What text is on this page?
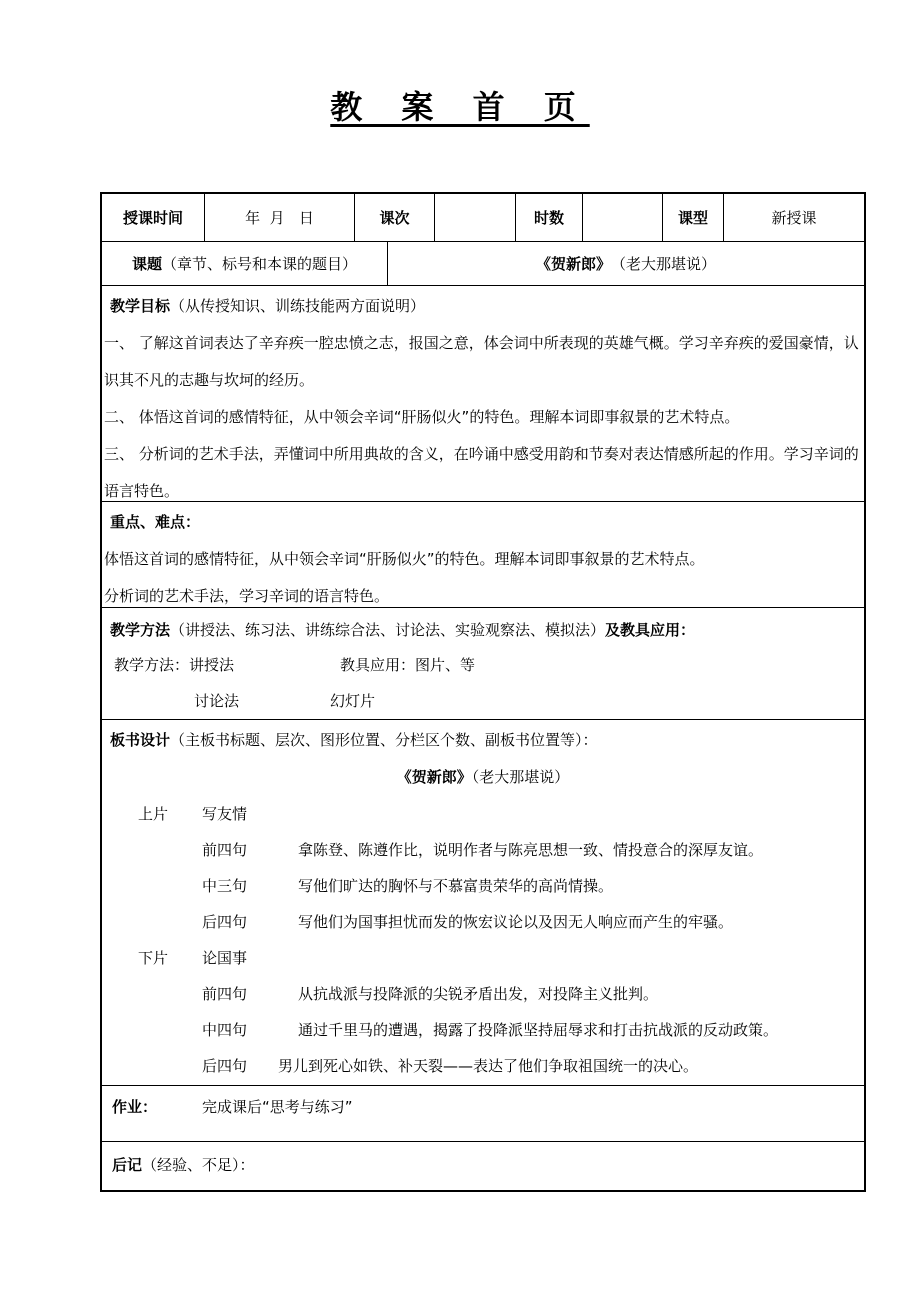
教 案 首 页
授课时间	年  月   日	课次	时数	课型	新授课
课题 （章节、标号和本课的题目）	《贺新郎》 （老大那堪说）
教学目标（从传授知识、训练技能两方面说明）
一、 了解这首词表达了辛弃疾一腔忠愤之志，报国之意，体会词中所表现的英雄气概。学习辛弃疾的爱国豪情，认识其不凡的志趣与坎坷的经历。
二、 体悟这首词的感情特征，从中领会辛词“肝肠似火”的特色。理解本词即事叙景的艺术特点。
三、 分析词的艺术手法，弄懂词中所用典故的含义，在吟诵中感受用韵和节奏对表达情感所起的作用。学习辛词的语言特色。
重点、难点：
体悟这首词的感情特征，从中领会辛词“肝肠似火”的特色。理解本词即事叙景的艺术特点。
分析词的艺术手法，学习辛词的语言特色。
教学方法（讲授法、练习法、讲练综合法、讨论法、实验观察法、模拟法）及教具应用：
教学方法：讲授法	教具应用：图片、等
讨论法	幻灯片
板书设计（主板书标题、层次、图形位置、分栏区个数、副板书位置等）：
《贺新郎》（老大那堪说）
上片 写友情
前四句	拿陈登、陈遵作比，说明作者与陈亮思想一致、情投意合的深厚友谊。
中三句	写他们旷达的胸怀与不慕富贵荣华的高尚情操。
后四句	写他们为国事担忧而发的恢宏议论以及因无人响应而产生的牢骚。
下片 论国事
前四句	从抗战派与投降派的尖锐矛盾出发，对投降主义批判。
中四句	通过千里马的遭遇，揭露了投降派坚持屈辱求和打击抗战派的反动政策。
后四句 男儿到死心如铁、补天裂——表达了他们争取祖国统一的决心。
作业：	完成课后“思考与练习”
后记（经验、不足）：
